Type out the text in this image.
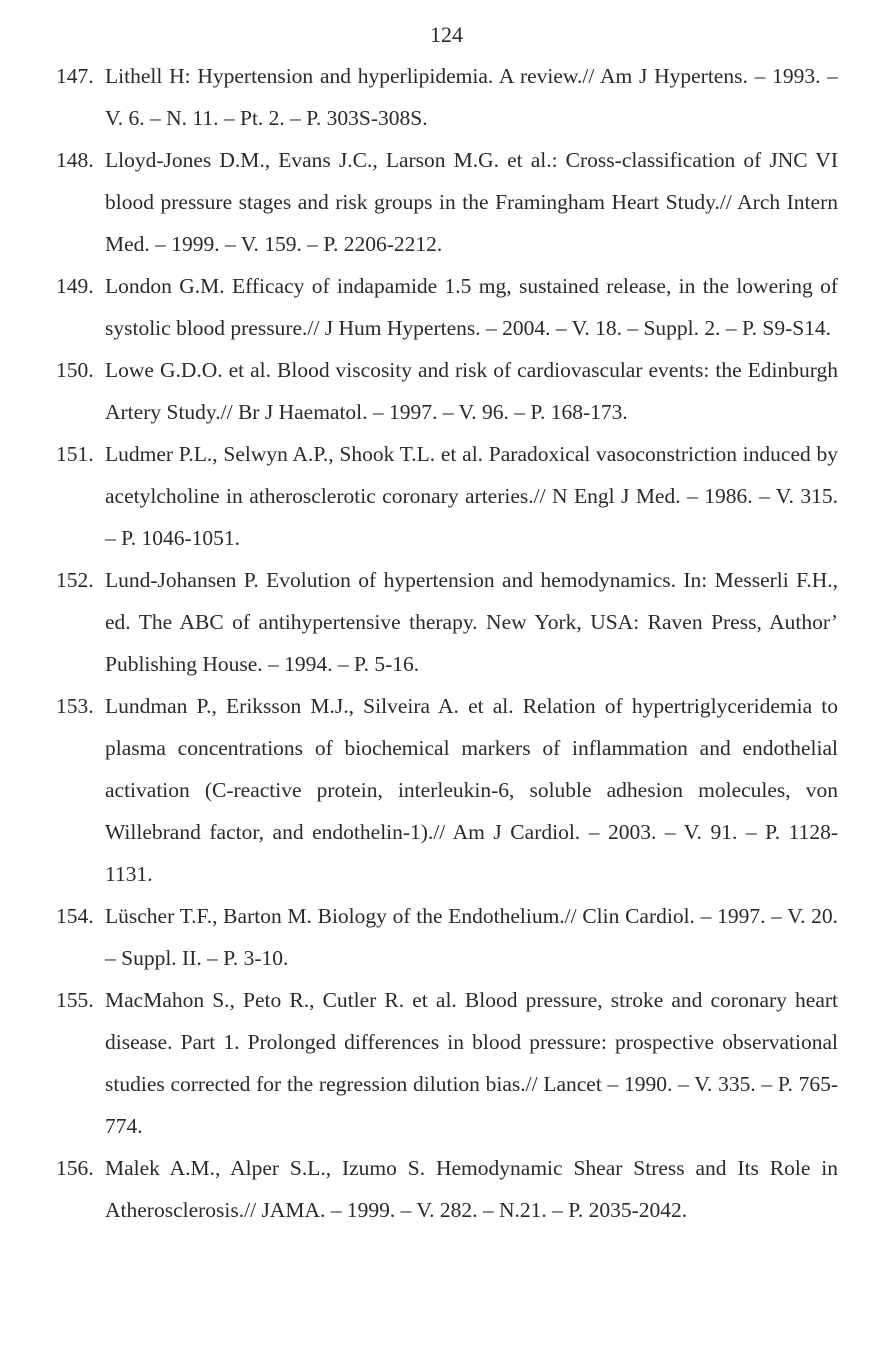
124
147. Lithell H: Hypertension and hyperlipidemia. A review.// Am J Hypertens. – 1993. – V. 6. – N. 11. – Pt. 2. – P. 303S-308S.
148. Lloyd-Jones D.M., Evans J.C., Larson M.G. et al.: Cross-classification of JNC VI blood pressure stages and risk groups in the Framingham Heart Study.// Arch Intern Med. – 1999. – V. 159. – P. 2206-2212.
149. London G.M. Efficacy of indapamide 1.5 mg, sustained release, in the lowering of systolic blood pressure.// J Hum Hypertens. – 2004. – V. 18. – Suppl. 2. – P. S9-S14.
150. Lowe G.D.O. et al. Blood viscosity and risk of cardiovascular events: the Edinburgh Artery Study.// Br J Haematol. – 1997. – V. 96. – P. 168-173.
151. Ludmer P.L., Selwyn A.P., Shook T.L. et al. Paradoxical vasoconstriction induced by acetylcholine in atherosclerotic coronary arteries.// N Engl J Med. – 1986. – V. 315. – P. 1046-1051.
152. Lund-Johansen P. Evolution of hypertension and hemodynamics. In: Messerli F.H., ed. The ABC of antihypertensive therapy. New York, USA: Raven Press, Author’ Publishing House. – 1994. – P. 5-16.
153. Lundman P., Eriksson M.J., Silveira A. et al. Relation of hypertriglyceridemia to plasma concentrations of biochemical markers of inflammation and endothelial activation (C-reactive protein, interleukin-6, soluble adhesion molecules, von Willebrand factor, and endothelin-1).// Am J Cardiol. – 2003. – V. 91. – P. 1128-1131.
154. Lüscher T.F., Barton M. Biology of the Endothelium.// Clin Cardiol. – 1997. – V. 20. – Suppl. II. – P. 3-10.
155. MacMahon S., Peto R., Cutler R. et al. Blood pressure, stroke and coronary heart disease. Part 1. Prolonged differences in blood pressure: prospective observational studies corrected for the regression dilution bias.// Lancet – 1990. – V. 335. – P. 765-774.
156. Malek A.M., Alper S.L., Izumo S. Hemodynamic Shear Stress and Its Role in Atherosclerosis.// JAMA. – 1999. – V. 282. – N.21. – P. 2035-2042.
